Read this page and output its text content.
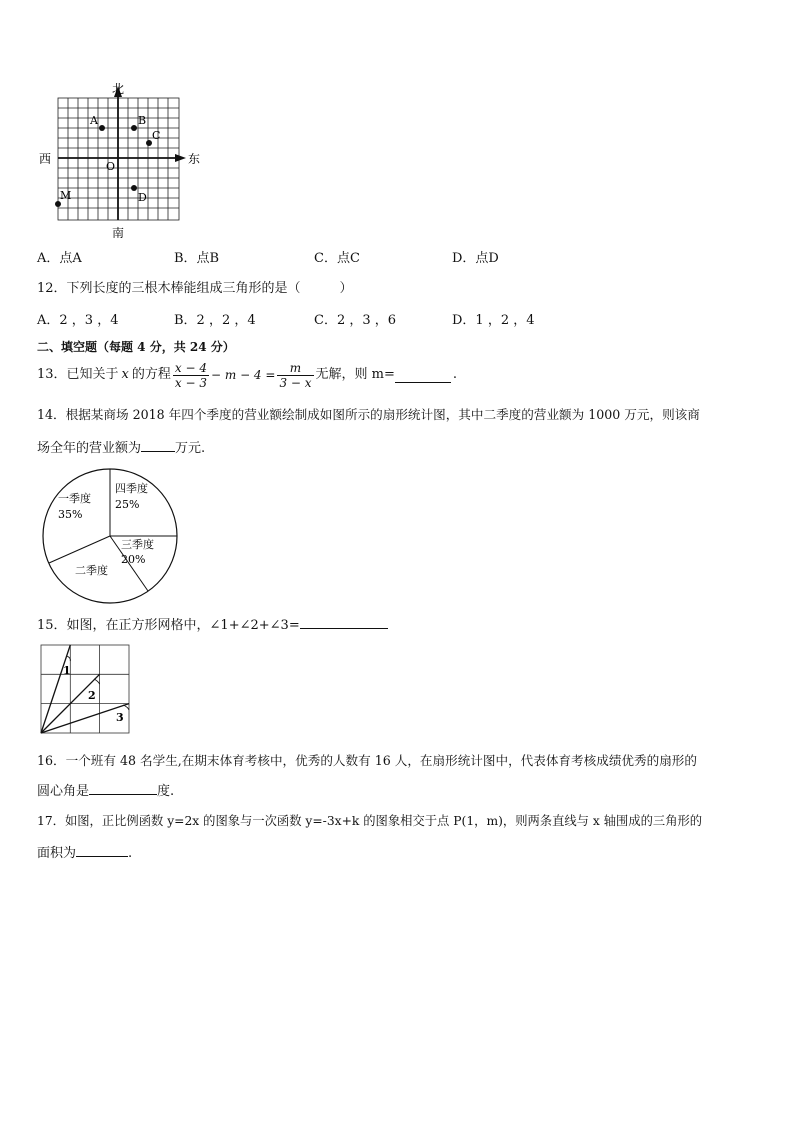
北
南
西	东
O
A	B
C
D
M
A．点A	B．点B	C．点C	D．点D
12．下列长度的三根木棒能组成三角形的是（　　　）
A．2 ，3 ，4	B．2 ，2 ，4	C．2 ，3 ，6	D．1 ，2 ，4
二、填空题（每题 4 分，共 24 分）
13．已知关于 x 的方程 $\frac{x - 4}{x - 3} - m - 4 = \frac{m}{3 - x}$ 无解，则 m=	.
14．根据某商场 2018 年四个季度的营业额绘制成如图所示的扇形统计图，其中二季度的营业额为 1000 万元，则该商
场全年的营业额为	万元.
一季度
35%
四季度
25%
三季度
20%
二季度
15．如图，在正方形网格中，∠1+∠2+∠3=
1
2
3
16．一个班有 48 名学生,在期末体育考核中，优秀的人数有 16 人，在扇形统计图中，代表体育考核成绩优秀的扇形的
圆心角是	度.
17．如图，正比例函数 y=2x 的图象与一次函数 y=-3x+k 的图象相交于点 P(1，m)，则两条直线与 x 轴围成的三角形的
面积为	.
